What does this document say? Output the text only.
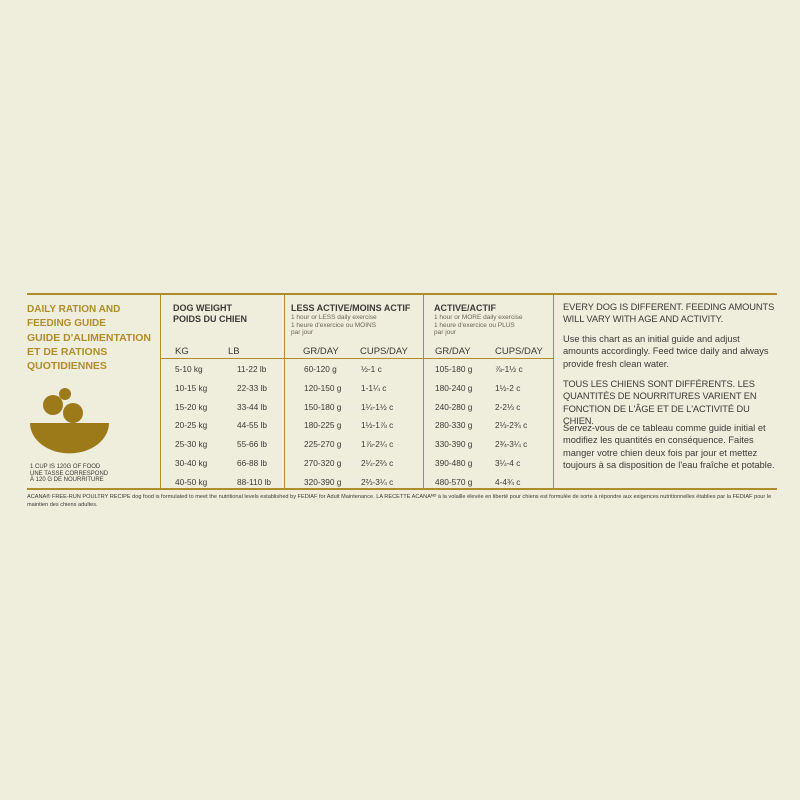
DAILY RATION AND
FEEDING GUIDE
GUIDE D'ALIMENTATION
ET DE RATIONS
QUOTIDIENNES
1 CUP IS 120G OF FOOD
UNE TASSE CORRESPOND
À 120 G DE NOURRITURE
DOG WEIGHT
POIDS DU CHIEN
LESS ACTIVE/MOINS ACTIF
1 hour or LESS daily exercise
1 heure d'exercice ou MOINS
par jour
ACTIVE/ACTIF
1 hour or MORE daily exercise
1 heure d'exercice ou PLUS
par jour
KG	LB	GR/DAY CUPS/DAY	GR/DAY	CUPS/DAY
5-10 kg	11-22 lb	60-120 g	½-1 c	105-180 g	⅞-1½ c
10-15 kg	22-33 lb	120-150 g 1-1¼ c	180-240 g	1½-2 c
15-20 kg	33-44 lb	150-180 g 1¼-1½ c	240-280 g	2-2⅓ c
20-25 kg	44-55 lb	180-225 g 1½-1⅞ c	280-330 g	2⅓-2¾ c
25-30 kg	55-66 lb	225-270 g 1⅞-2¼ c	330-390 g	2¾-3¼ c
30-40 kg	66-88 lb	270-320 g 2¼-2⅔ c	390-480 g	3¼-4 c
40-50 kg	88-110 lb	320-390 g 2⅔-3¼ c	480-570 g	4-4¾ c

EVERY DOG IS DIFFERENT. FEEDING AMOUNTS WILL VARY WITH AGE AND ACTIVITY.

Use this chart as an initial guide and adjust amounts accordingly. Feed twice daily and always provide fresh clean water.

TOUS LES CHIENS SONT DIFFÉRENTS. LES QUANTITÉS DE NOURRITURES VARIENT EN FONCTION DE L'ÂGE ET DE L'ACTIVITÉ DU CHIEN.

Servez-vous de ce tableau comme guide initial et modifiez les quantités en conséquence. Faites manger votre chien deux fois par jour et mettez toujours à sa disposition de l'eau fraîche et potable.

ACANA® FREE-RUN POULTRY RECIPE dog food is formulated to meet the nutritional levels established by FEDIAF for Adult Maintenance. LA RECETTE ACANAᴹᴰ à la volaille élevée en liberté pour chiens est formulée de sorte à répondre aux exigences nutritionnelles établies par la FEDIAF pour le maintien des chiens adultes.
